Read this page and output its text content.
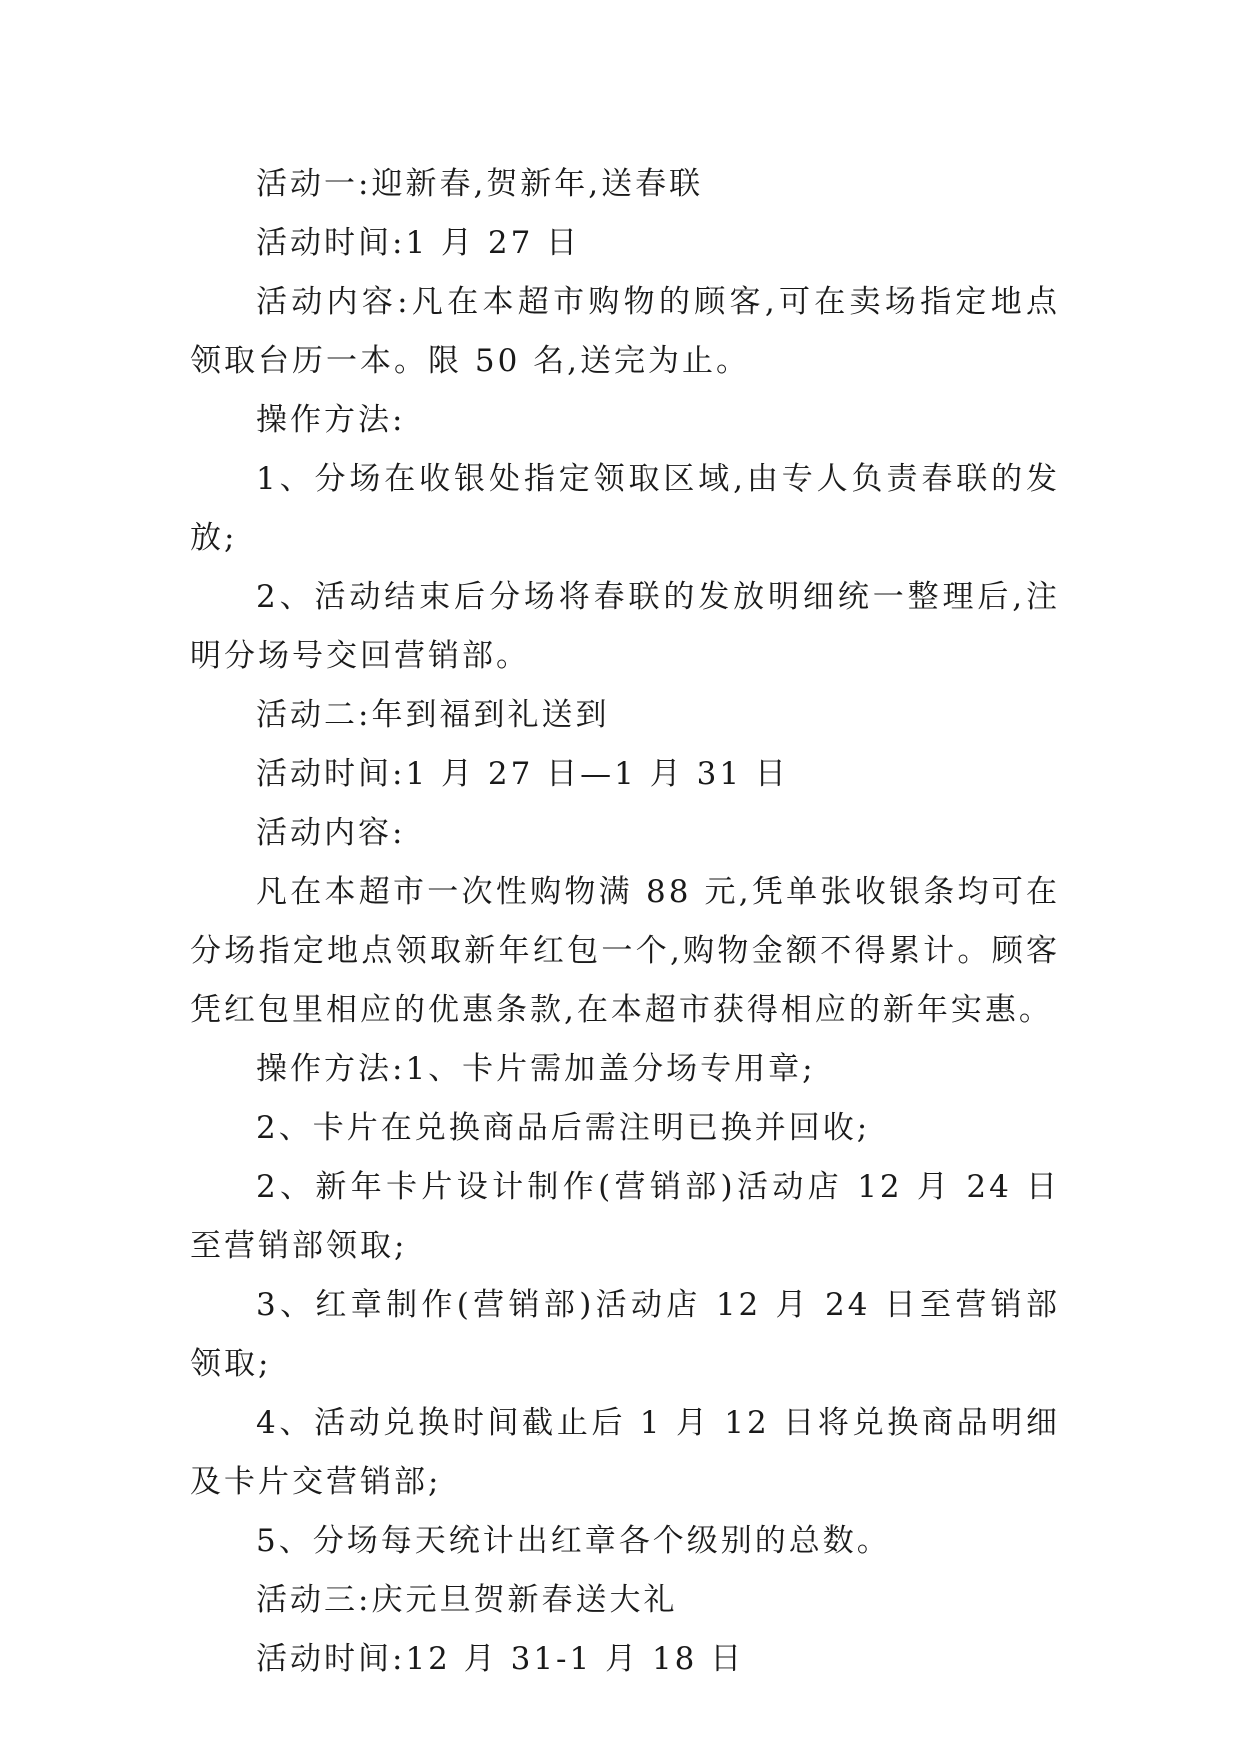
活动一:迎新春,贺新年,送春联

活动时间:1 月 27 日

活动内容:凡在本超市购物的顾客,可在卖场指定地点领取台历一本。限 50 名,送完为止。

操作方法:

1、分场在收银处指定领取区域,由专人负责春联的发放;

2、活动结束后分场将春联的发放明细统一整理后,注明分场号交回营销部。

活动二:年到福到礼送到

活动时间:1 月 27 日—1 月 31 日

活动内容:

凡在本超市一次性购物满 88 元,凭单张收银条均可在分场指定地点领取新年红包一个,购物金额不得累计。顾客凭红包里相应的优惠条款,在本超市获得相应的新年实惠。

操作方法:1、卡片需加盖分场专用章;

2、卡片在兑换商品后需注明已换并回收;

2、新年卡片设计制作(营销部)活动店 12 月 24 日至营销部领取;

3、红章制作(营销部)活动店 12 月 24 日至营销部领取;

4、活动兑换时间截止后 1 月 12 日将兑换商品明细及卡片交营销部;

5、分场每天统计出红章各个级别的总数。

活动三:庆元旦贺新春送大礼

活动时间:12 月 31-1 月 18 日
